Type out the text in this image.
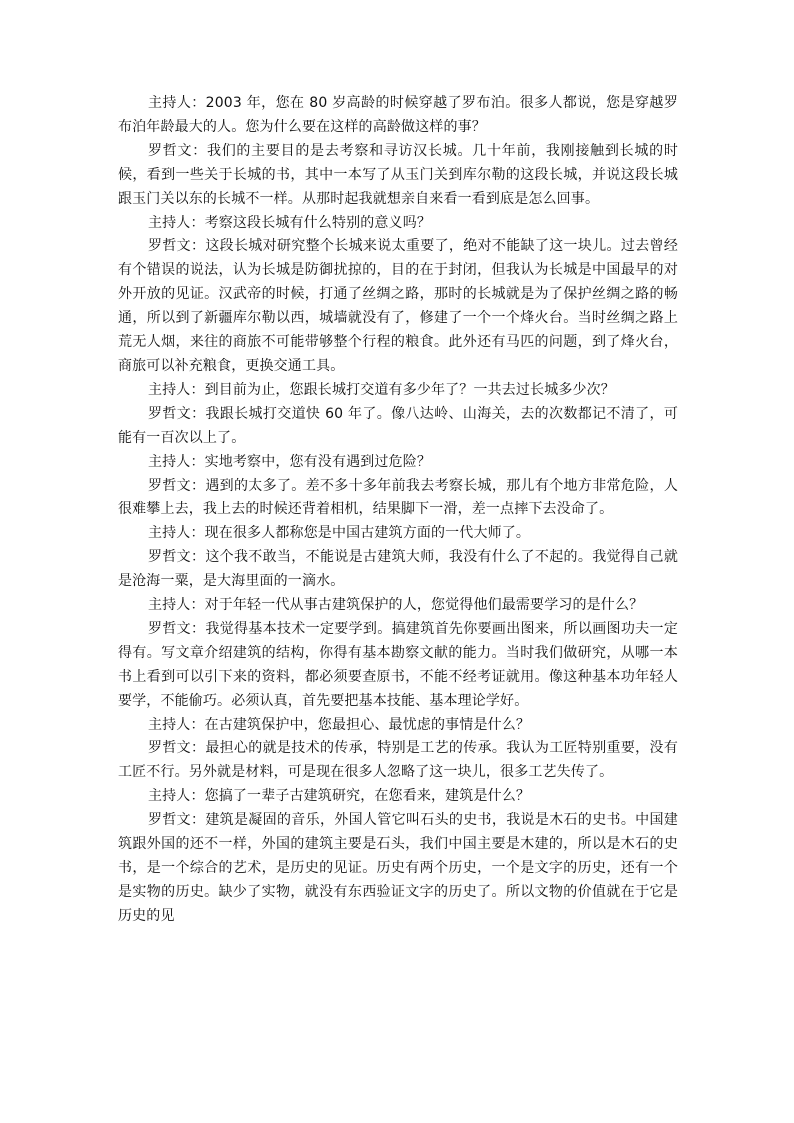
主持人：2003 年，您在 80 岁高龄的时候穿越了罗布泊。很多人都说，您是穿越罗布泊年龄最大的人。您为什么要在这样的高龄做这样的事？

罗哲文：我们的主要目的是去考察和寻访汉长城。几十年前，我刚接触到长城的时候，看到一些关于长城的书，其中一本写了从玉门关到库尔勒的这段长城，并说这段长城跟玉门关以东的长城不一样。从那时起我就想亲自来看一看到底是怎么回事。

主持人：考察这段长城有什么特别的意义吗？

罗哲文：这段长城对研究整个长城来说太重要了，绝对不能缺了这一块儿。过去曾经有个错误的说法，认为长城是防御扰掠的，目的在于封闭，但我认为长城是中国最早的对外开放的见证。汉武帝的时候，打通了丝绸之路，那时的长城就是为了保护丝绸之路的畅通，所以到了新疆库尔勒以西，城墙就没有了，修建了一个一个烽火台。当时丝绸之路上荒无人烟，来往的商旅不可能带够整个行程的粮食。此外还有马匹的问题，到了烽火台，商旅可以补充粮食，更换交通工具。

主持人：到目前为止，您跟长城打交道有多少年了？一共去过长城多少次？

罗哲文：我跟长城打交道快 60 年了。像八达岭、山海关，去的次数都记不清了，可能有一百次以上了。

主持人：实地考察中，您有没有遇到过危险？

罗哲文：遇到的太多了。差不多十多年前我去考察长城，那儿有个地方非常危险，人很难攀上去，我上去的时候还背着相机，结果脚下一滑，差一点摔下去没命了。

主持人：现在很多人都称您是中国古建筑方面的一代大师了。

罗哲文：这个我不敢当，不能说是古建筑大师，我没有什么了不起的。我觉得自己就是沧海一粟，是大海里面的一滴水。

主持人：对于年轻一代从事古建筑保护的人，您觉得他们最需要学习的是什么？

罗哲文：我觉得基本技术一定要学到。搞建筑首先你要画出图来，所以画图功夫一定得有。写文章介绍建筑的结构，你得有基本勘察文献的能力。当时我们做研究，从哪一本书上看到可以引下来的资料，都必须要查原书，不能不经考证就用。像这种基本功年轻人要学，不能偷巧。必须认真，首先要把基本技能、基本理论学好。

主持人：在古建筑保护中，您最担心、最忧虑的事情是什么？

罗哲文：最担心的就是技术的传承，特别是工艺的传承。我认为工匠特别重要，没有工匠不行。另外就是材料，可是现在很多人忽略了这一块儿，很多工艺失传了。

主持人：您搞了一辈子古建筑研究，在您看来，建筑是什么？

罗哲文：建筑是凝固的音乐，外国人管它叫石头的史书，我说是木石的史书。中国建筑跟外国的还不一样，外国的建筑主要是石头，我们中国主要是木建的，所以是木石的史书，是一个综合的艺术，是历史的见证。历史有两个历史，一个是文字的历史，还有一个是实物的历史。缺少了实物，就没有东西验证文字的历史了。所以文物的价值就在于它是历史的见
